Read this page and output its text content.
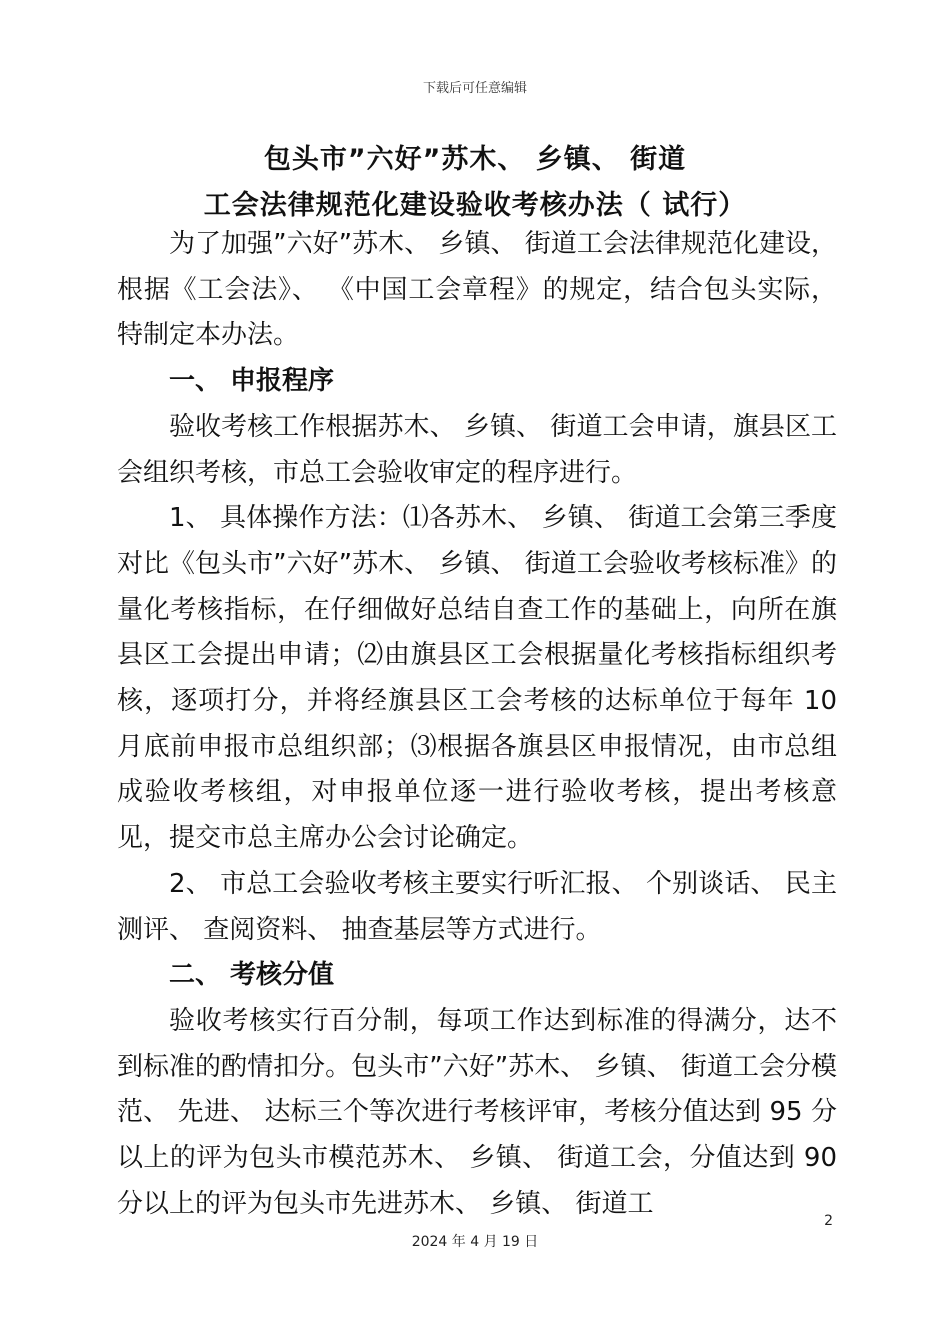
下载后可任意编辑
包头市”六好”苏木、 乡镇、 街道
工会法律规范化建设验收考核办法（ 试行）

为了加强”六好”苏木、 乡镇、 街道工会法律规范化建设，根据《工会法》、 《中国工会章程》的规定，结合包头实际，特制定本办法。

一、 申报程序

验收考核工作根据苏木、 乡镇、 街道工会申请，旗县区工会组织考核，市总工会验收审定的程序进行。

1、 具体操作方法：⑴各苏木、 乡镇、 街道工会第三季度对比《包头市”六好”苏木、 乡镇、 街道工会验收考核标准》的量化考核指标，在仔细做好总结自查工作的基础上，向所在旗县区工会提出申请；⑵由旗县区工会根据量化考核指标组织考核，逐项打分，并将经旗县区工会考核的达标单位于每年 10 月底前申报市总组织部；⑶根据各旗县区申报情况，由市总组成验收考核组，对申报单位逐一进行验收考核，提出考核意见，提交市总主席办公会讨论确定。

2、 市总工会验收考核主要实行听汇报、 个别谈话、 民主测评、 查阅资料、 抽查基层等方式进行。

二、 考核分值

验收考核实行百分制，每项工作达到标准的得满分，达不到标准的酌情扣分。包头市”六好”苏木、 乡镇、 街道工会分模范、 先进、 达标三个等次进行考核评审，考核分值达到 95 分以上的评为包头市模范苏木、 乡镇、 街道工会，分值达到 90 分以上的评为包头市先进苏木、 乡镇、 街道工

2
2024 年 4 月 19 日
